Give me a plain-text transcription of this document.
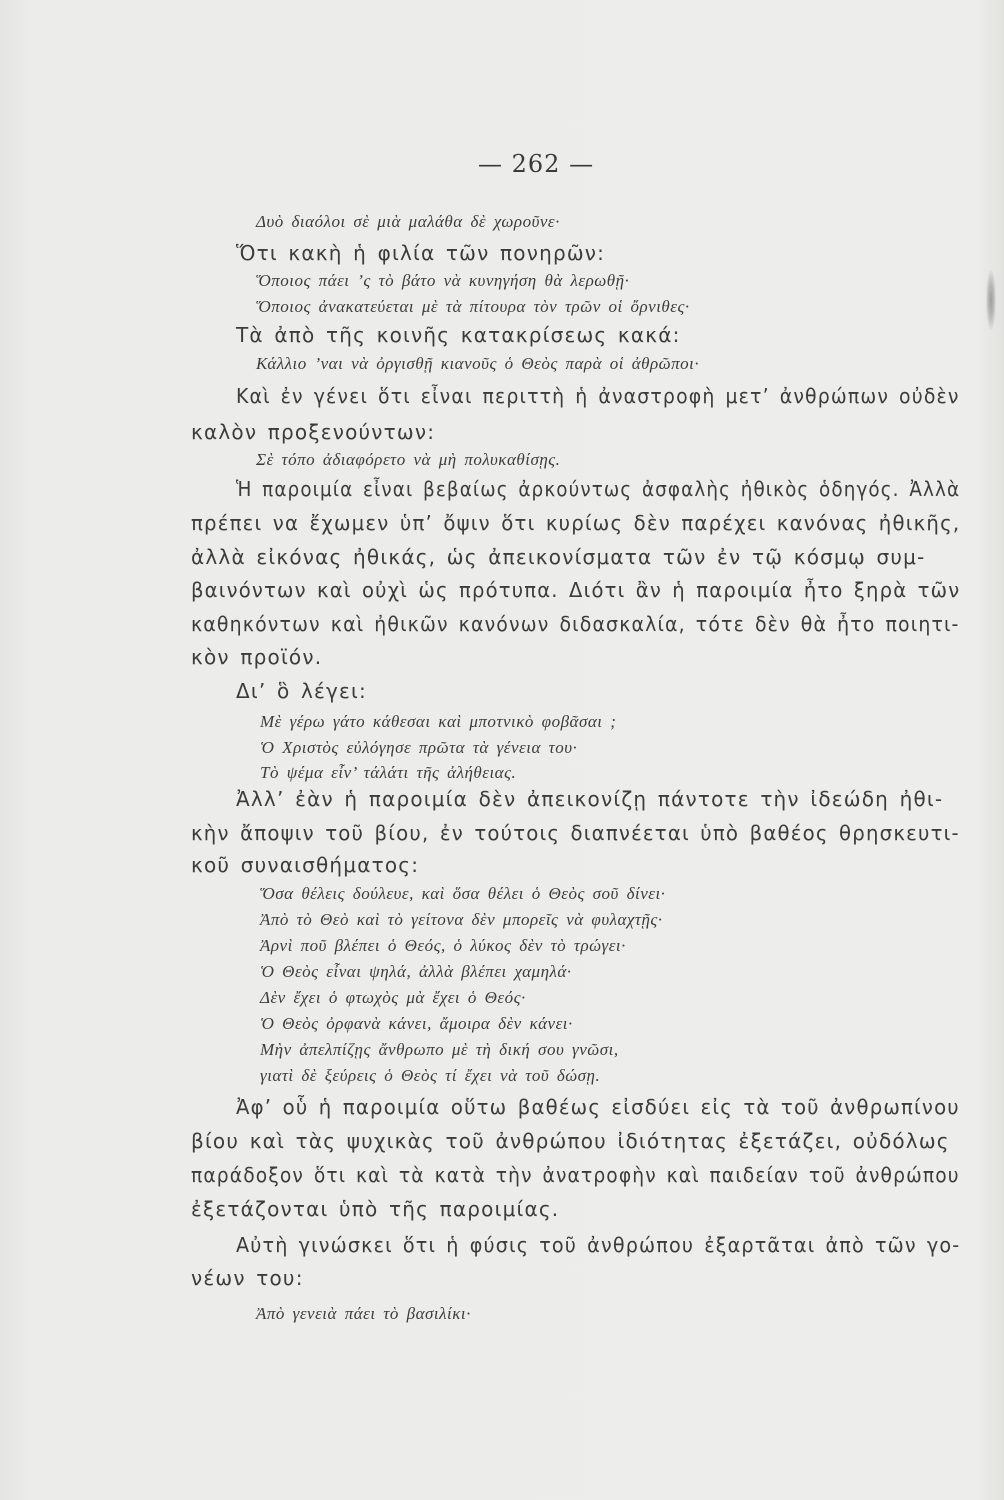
— 262 —
Δυὸ διαόλοι σὲ μιὰ μαλάθα δὲ χωροῦνε·
Ὅτι κακὴ ἡ φιλία τῶν πονηρῶν:
Ὅποιος πάει ’ς τὸ βάτο νὰ κυνηγήση θὰ λερωθῇ·
Ὅποιος ἀνακατεύεται μὲ τὰ πίτουρα τὸν τρῶν οἱ ὄρνιθες·
Τὰ ἀπὸ τῆς κοινῆς κατακρίσεως κακά:
Κάλλιο ’ναι νὰ ὀργισθῇ κιανοῦς ὁ Θεὸς παρὰ οἱ ἀθρῶποι·
Καὶ ἐν γένει ὅτι εἶναι περιττὴ ἡ ἀναστροφὴ μετ’ ἀνθρώπων οὐδὲν
καλὸν προξενούντων:
Σὲ τόπο ἀδιαφόρετο νὰ μὴ πολυκαθίσῃς.
Ἡ παροιμία εἶναι βεβαίως ἀρκούντως ἀσφαλὴς ἠθικὸς ὁδηγός. Ἀλλὰ
πρέπει να ἔχωμεν ὑπ’ ὄψιν ὅτι κυρίως δὲν παρέχει κανόνας ἠθικῆς,
ἀλλὰ εἰκόνας ἠθικάς, ὡς ἀπεικονίσματα τῶν ἐν τῷ κόσμῳ συμ-
βαινόντων καὶ οὐχὶ ὡς πρότυπα. Διότι ἂν ἡ παροιμία ἦτο ξηρὰ τῶν
καθηκόντων καὶ ἠθικῶν κανόνων διδασκαλία, τότε δὲν θὰ ἦτο ποιητι-
κὸν προϊόν.
Δι’ ὃ λέγει:
Μὲ γέρω γάτο κάθεσαι καὶ μποτνικὸ φοβᾶσαι ;
Ὁ Χριστὸς εὐλόγησε πρῶτα τὰ γένεια του·
Τὸ ψέμα εἶν’ τάλάτι τῆς ἀλήθειας.
Ἀλλ’ ἐὰν ἡ παροιμία δὲν ἀπεικονίζῃ πάντοτε τὴν ἰδεώδη ἠθι-
κὴν ἄποψιν τοῦ βίου, ἐν τούτοις διαπνέεται ὑπὸ βαθέος θρησκευτι-
κοῦ συναισθήματος:
Ὅσα θέλεις δούλευε, καὶ ὅσα θέλει ὁ Θεὸς σοῦ δίνει·
Ἀπὸ τὸ Θεὸ καὶ τὸ γείτονα δὲν μπορεῖς νὰ φυλαχτῇς·
Ἀρνὶ ποῦ βλέπει ὁ Θεός, ὁ λύκος δὲν τὸ τρώγει·
Ὁ Θεὸς εἶναι ψηλά, ἀλλὰ βλέπει χαμηλά·
Δὲν ἔχει ὁ φτωχὸς μὰ ἔχει ὁ Θεός·
Ὁ Θεὸς ὀρφανὰ κάνει, ἄμοιρα δὲν κάνει·
Μὴν ἀπελπίζῃς ἄνθρωπο μὲ τὴ δική σου γνῶσι,
γιατὶ δὲ ξεύρεις ὁ Θεὸς τί ἔχει νὰ τοῦ δώσῃ.
Ἀφ’ οὗ ἡ παροιμία οὕτω βαθέως εἰσδύει εἰς τὰ τοῦ ἀνθρωπίνου
βίου καὶ τὰς ψυχικὰς τοῦ ἀνθρώπου ἰδιότητας ἐξετάζει, οὐδόλως
παράδοξον ὅτι καὶ τὰ κατὰ τὴν ἀνατροφὴν καὶ παιδείαν τοῦ ἀνθρώπου
ἐξετάζονται ὑπὸ τῆς παροιμίας.
Αὐτὴ γινώσκει ὅτι ἡ φύσις τοῦ ἀνθρώπου ἐξαρτᾶται ἀπὸ τῶν γο-
νέων του:
Ἀπὸ γενειὰ πάει τὸ βασιλίκι·
